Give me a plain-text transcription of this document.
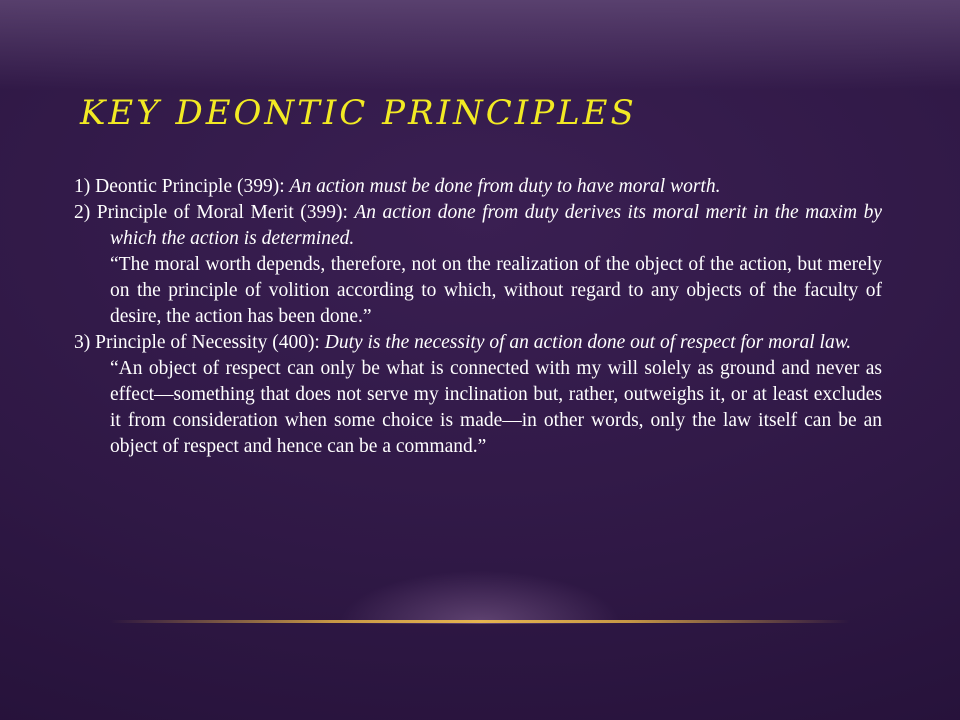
KEY DEONTIC PRINCIPLES

1) Deontic Principle (399): An action must be done from duty to have moral worth.

2) Principle of Moral Merit (399): An action done from duty derives its moral merit in the maxim by which the action is determined.

“The moral worth depends, therefore, not on the realization of the object of the action, but merely on the principle of volition according to which, without regard to any objects of the faculty of desire, the action has been done.”

3) Principle of Necessity (400): Duty is the necessity of an action done out of respect for moral law.

“An object of respect can only be what is connected with my will solely as ground and never as effect—something that does not serve my inclination but, rather, outweighs it, or at least excludes it from consideration when some choice is made—in other words, only the law itself can be an object of respect and hence can be a command.”
